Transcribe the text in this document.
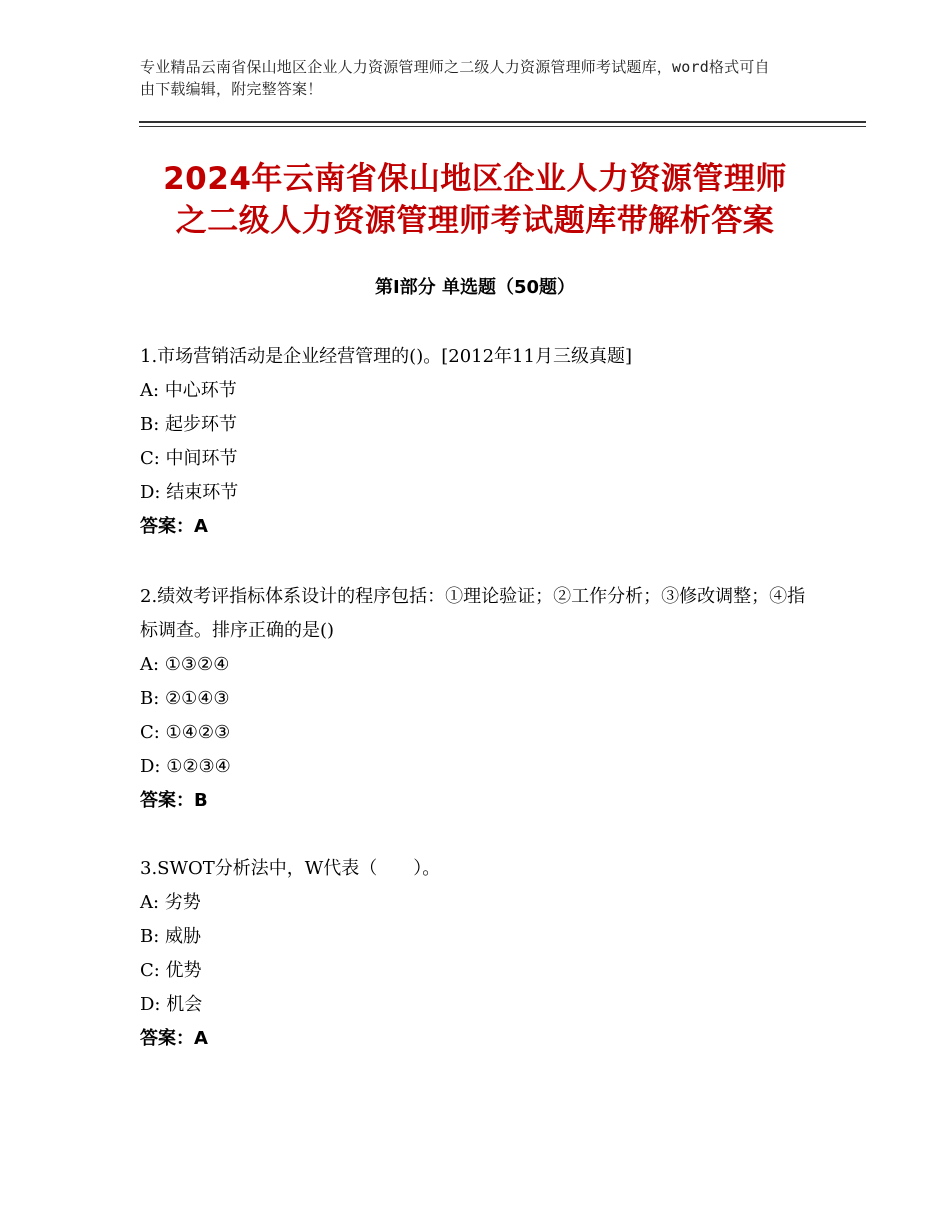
专业精品云南省保山地区企业人力资源管理师之二级人力资源管理师考试题库，word格式可自由下载编辑，附完整答案！
2024年云南省保山地区企业人力资源管理师
之二级人力资源管理师考试题库带解析答案
第Ⅰ部分 单选题（50题）
1.市场营销活动是企业经营管理的()。[2012年11月三级真题]
A: 中心环节
B: 起步环节
C: 中间环节
D: 结束环节
答案：A
2.绩效考评指标体系设计的程序包括：①理论验证；②工作分析；③修改调整；④指标调查。排序正确的是()
A: ①③②④
B: ②①④③
C: ①④②③
D: ①②③④
答案：B
3.SWOT分析法中，W代表（　　）。
A: 劣势
B: 威胁
C: 优势
D: 机会
答案：A
